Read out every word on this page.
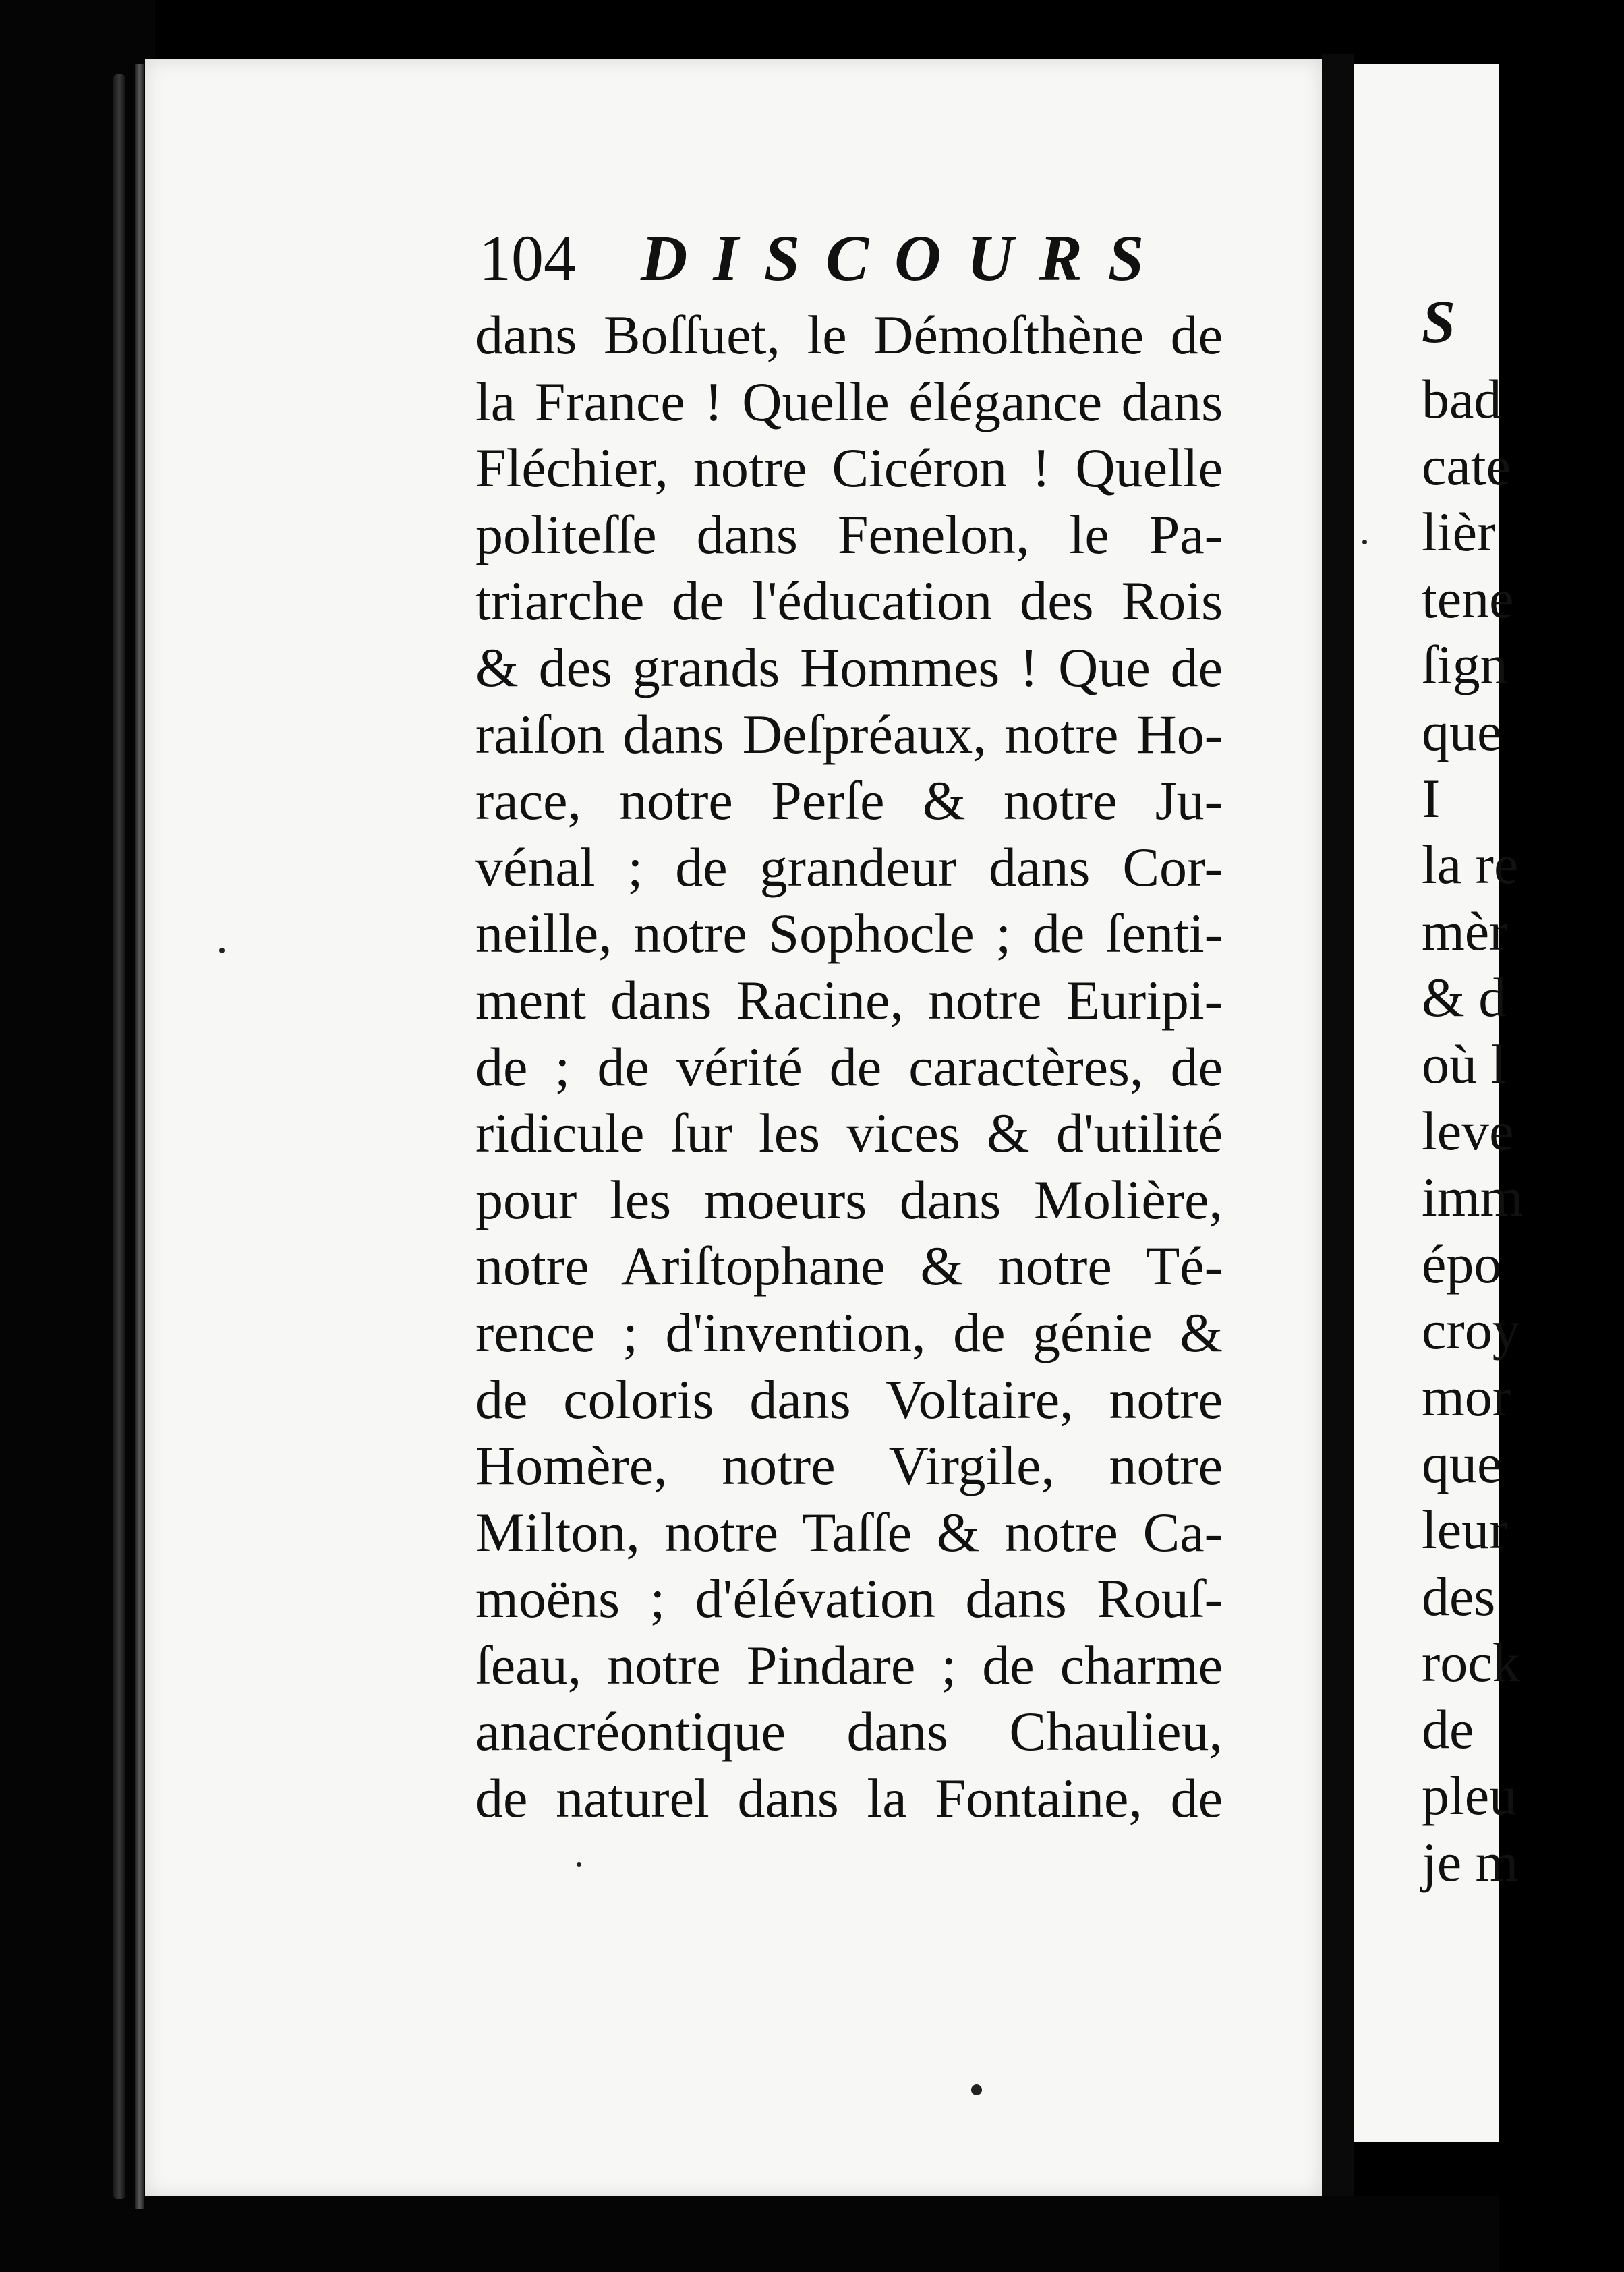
104 DISCOURS
dans Boſſuet, le Démoſthène de
la France ! Quelle élégance dans
Fléchier, notre Cicéron ! Quelle
politeſſe dans Fenelon, le Pa-
triarche de l'éducation des Rois
& des grands Hommes ! Que de
raiſon dans Deſpréaux, notre Ho-
race, notre Perſe & notre Ju-
vénal ; de grandeur dans Cor-
neille, notre Sophocle ; de ſenti-
ment dans Racine, notre Euripi-
de ; de vérité de caractères, de
ridicule ſur les vices & d'utilité
pour les moeurs dans Molière,
notre Ariſtophane & notre Té-
rence ; d'invention, de génie &
de coloris dans Voltaire, notre
Homère, notre Virgile, notre
Milton, notre Taſſe & notre Ca-
moëns ; d'élévation dans Rouſ-
ſeau, notre Pindare ; de charme
anacréontique dans Chaulieu,
de naturel dans la Fontaine, de
S
bad
cate
lièr
tene
ſign
que
I
la re
mèr
& d
où l
leve
imm
épo
croy
mor
que
leur
des
rock
de
pleu
je m
